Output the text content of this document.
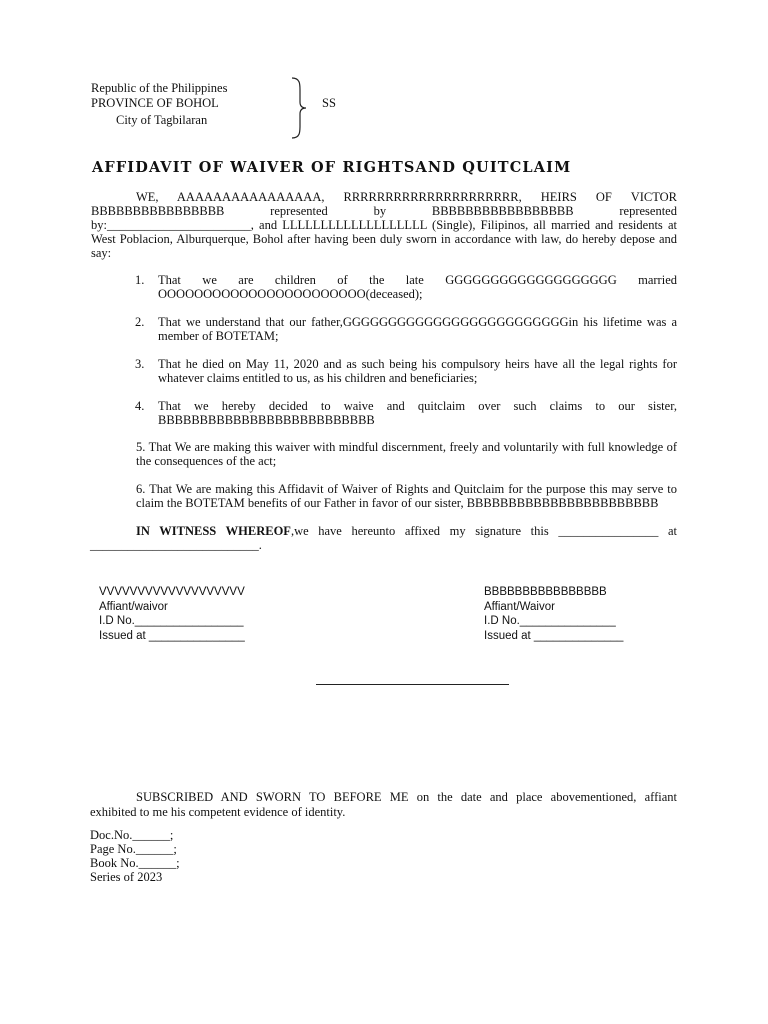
Republic of the Philippines
PROVINCE OF BOHOL
City of Tagbilaran
SS
AFFIDAVIT OF WAIVER OF RIGHTSAND QUITCLAIM
WE, AAAAAAAAAAAAAAAA, RRRRRRRRRRRRRRRRRRRRR, HEIRS OF VICTOR
BBBBBBBBBBBBBBBB represented by BBBBBBBBBBBBBBBBB represented
by:_______________________, and LLLLLLLLLLLLLLLLLLL (Single), Filipinos, all married and residents at
West Poblacion, Alburquerque, Bohol after having been duly sworn in accordance with law, do hereby depose and
say:
1. That we are children of the late GGGGGGGGGGGGGGGGGGG married
OOOOOOOOOOOOOOOOOOOOOOO(deceased);
2. That we understand that our father,GGGGGGGGGGGGGGGGGGGGGGGGGin his lifetime was a
member of BOTETAM;
3. That he died on May 11, 2020 and as such being his compulsory heirs have all the legal rights for
whatever claims entitled to us, as his children and beneficiaries;
4. That we hereby decided to waive and quitclaim over such claims to our sister,
BBBBBBBBBBBBBBBBBBBBBBBBBB
5. That We are making this waiver with mindful discernment, freely and voluntarily with full knowledge of
the consequences of the act;
6. That We are making this Affidavit of Waiver of Rights and Quitclaim for the purpose this may serve to
claim the BOTETAM benefits of our Father in favor of our sister, BBBBBBBBBBBBBBBBBBBBBBB
IN WITNESS WHEREOF,we have hereunto affixed my signature this ________________ at
___________________________.
VVVVVVVVVVVVVVVVVVV
Affiant/waivor
I.D No._________________
Issued at _______________
BBBBBBBBBBBBBBBB
Affiant/Waivor
I.D No._______________
Issued at ______________
SUBSCRIBED AND SWORN TO BEFORE ME on the date and place abovementioned, affiant
exhibited to me his competent evidence of identity.
Doc.No.______;
Page No.______;
Book No.______;
Series of 2023
